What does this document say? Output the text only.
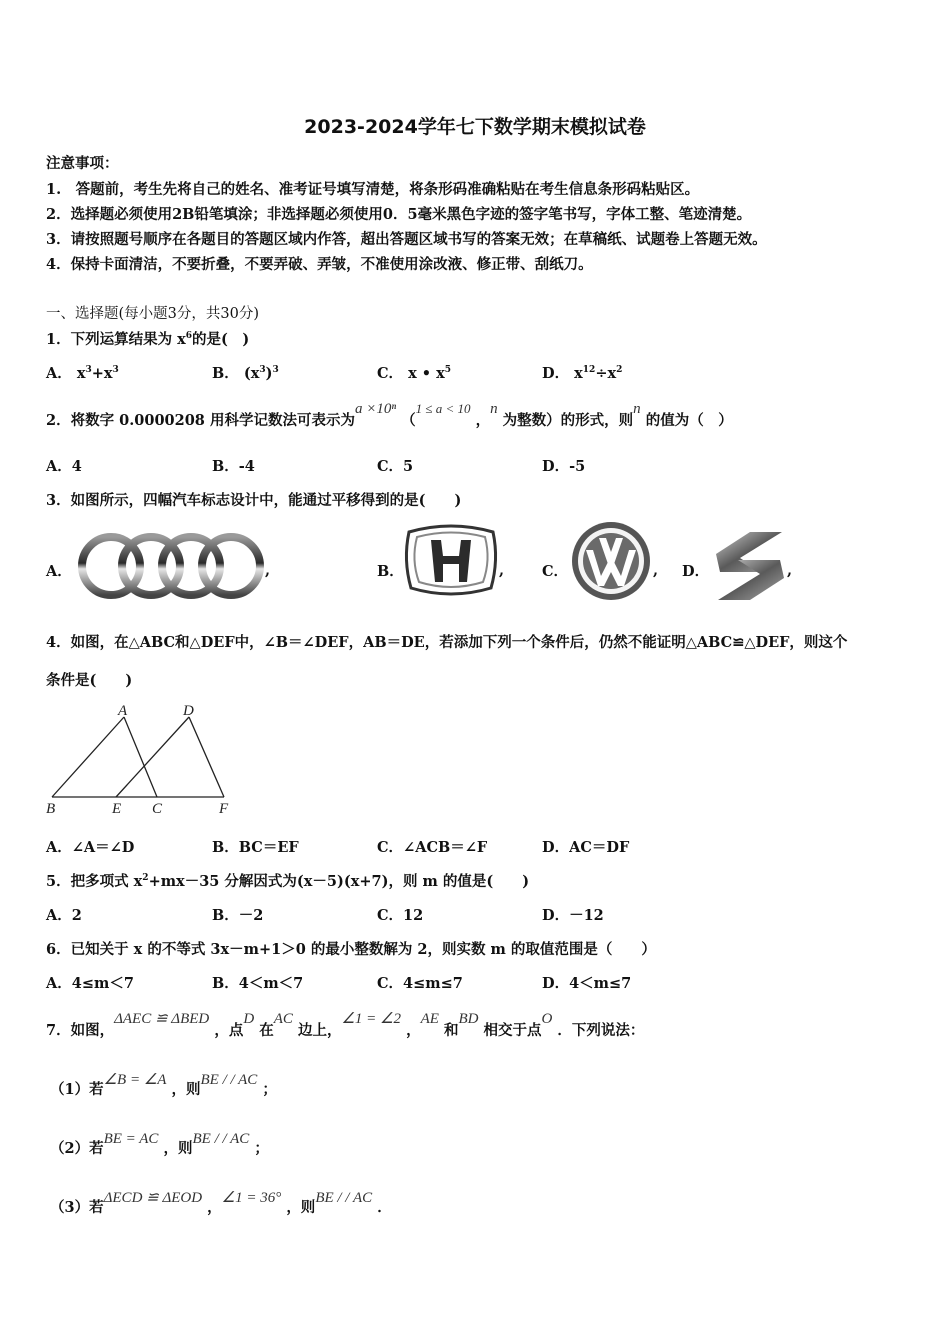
2023-2024学年七下数学期末模拟试卷
注意事项：
1.　答题前，考生先将自己的姓名、准考证号填写清楚，将条形码准确粘贴在考生信息条形码粘贴区。
2．选择题必须使用2B铅笔填涂；非选择题必须使用0．5毫米黑色字迹的签字笔书写，字体工整、笔迹清楚。
3．请按照题号顺序在各题目的答题区域内作答，超出答题区域书写的答案无效；在草稿纸、试题卷上答题无效。
4．保持卡面清洁，不要折叠，不要弄破、弄皱，不准使用涂改液、修正带、刮纸刀。
一、选择题(每小题3分，共30分)
1．下列运算结果为 $x^6$的是(　)
A． $x^3+x^3$	B． $(x^3)^3$	C． x • $x^5$	D． $x^{12}\div x^2$
2．将数字 0.0000208 用科学记数法可表示为a ×10ⁿ （1 ≤ a < 10 ，n 为整数）的形式，则n 的值为（　）
A．4	B．-4	C．5	D．-5
3．如图所示，四幅汽车标志设计中，能通过平移得到的是(　　)
A．	,	B．	,	C．	, D．	,
4．如图，在△ABC和△DEF中，∠B＝∠DEF，AB＝DE，若添加下列一个条件后，仍然不能证明△ABC≌△DEF，则这个
条件是(　　)
A	D
B	E C	F
A．∠A＝∠D	B．BC＝EF	C．∠ACB＝∠F	D．AC＝DF
5．把多项式 $x^2+mx-35$ 分解因式为(x－5)(x+7)，则 m 的值是(　　)
A．2	B．－2	C．12	D．－12
6．已知关于 x 的不等式 3x－m+1＞0 的最小整数解为 2，则实数 m 的取值范围是（　　）
A．4≤m＜7	B．4＜m＜7	C．4≤m≤7	D．4＜m≤7
7．如图，ΔAEC ≌ ΔBED ，点D 在AC 边上，∠1 = ∠2 ，AE 和BD 相交于点O ．下列说法：
（1）若∠B = ∠A ，则BE / / AC ；
（2）若BE = AC ，则BE / / AC ；
（3）若ΔECD ≌ ΔEOD ，∠1 = 36° ，则BE / / AC ．
